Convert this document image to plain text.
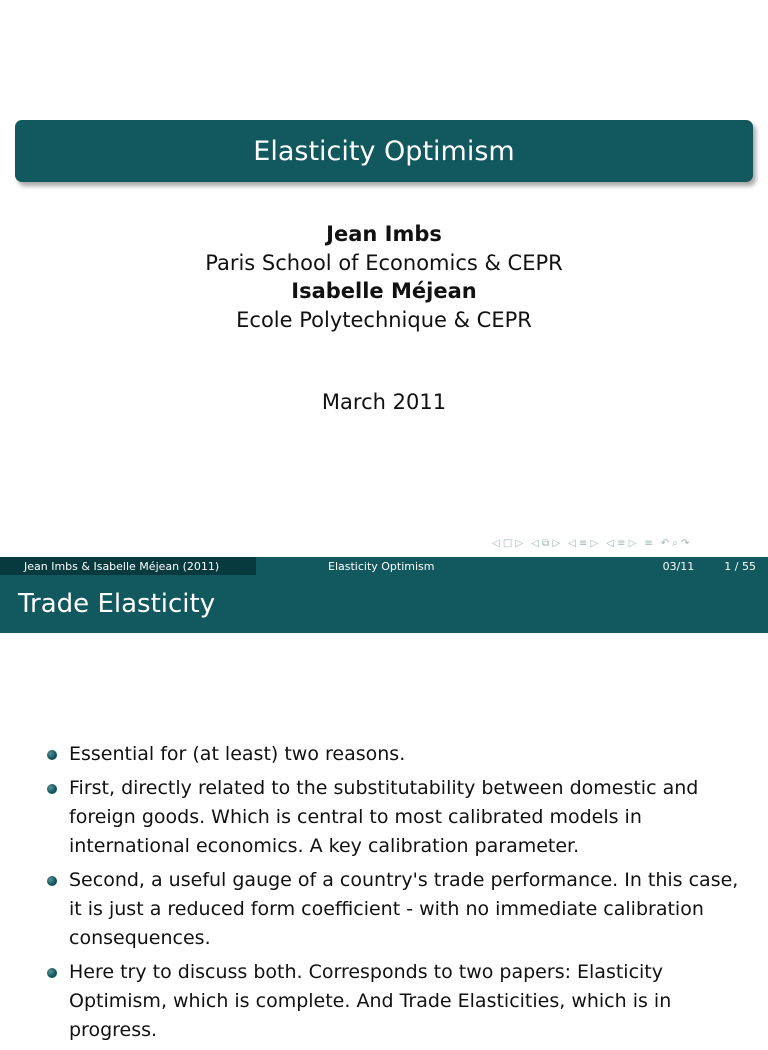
Elasticity Optimism
Jean Imbs
Paris School of Economics & CEPR
Isabelle Méjean
Ecole Polytechnique & CEPR
March 2011
◁ □ ▷ ◁ ⧉ ▷ ◁ ≡ ▷ ◁ ≡ ▷ ≡ ↶ ⌕ ↷
Jean Imbs & Isabelle Méjean (2011)	Elasticity Optimism	03/11	1 / 55
Trade Elasticity
Essential for (at least) two reasons.
First, directly related to the substitutability between domestic and foreign goods. Which is central to most calibrated models in international economics. A key calibration parameter.
Second, a useful gauge of a country's trade performance. In this case, it is just a reduced form coefficient - with no immediate calibration consequences.
Here try to discuss both. Corresponds to two papers: Elasticity Optimism, which is complete. And Trade Elasticities, which is in progress.
